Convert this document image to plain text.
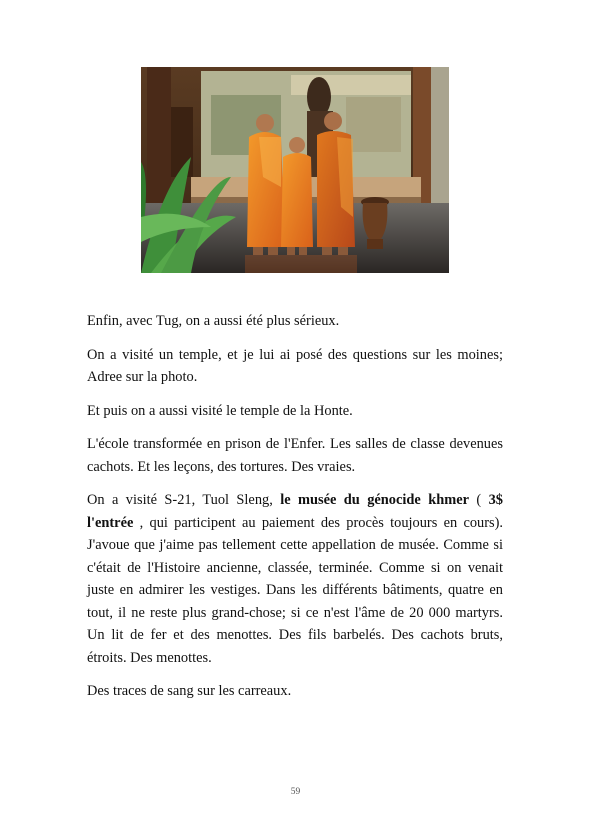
Enfin, avec Tug, on a aussi été plus sérieux.

On a visité un temple, et je lui ai posé des questions sur les moines; Adree sur la photo.

Et puis on a aussi visité le temple de la Honte.

L'école transformée en prison de l'Enfer. Les salles de classe devenues cachots. Et les leçons, des tortures. Des vraies.

On a visité S-21, Tuol Sleng, le musée du génocide khmer ( 3$ l'entrée , qui participent au paiement des procès toujours en cours). J'avoue que j'aime pas tellement cette appellation de musée. Comme si c'était de l'Histoire ancienne, classée, terminée. Comme si on venait juste en admirer les vestiges. Dans les différents bâtiments, quatre en tout, il ne reste plus grand-chose; si ce n'est l'âme de 20 000 martyrs. Un lit de fer et des menottes. Des fils barbelés. Des cachots bruts, étroits. Des menottes.

Des traces de sang sur les carreaux.

59
